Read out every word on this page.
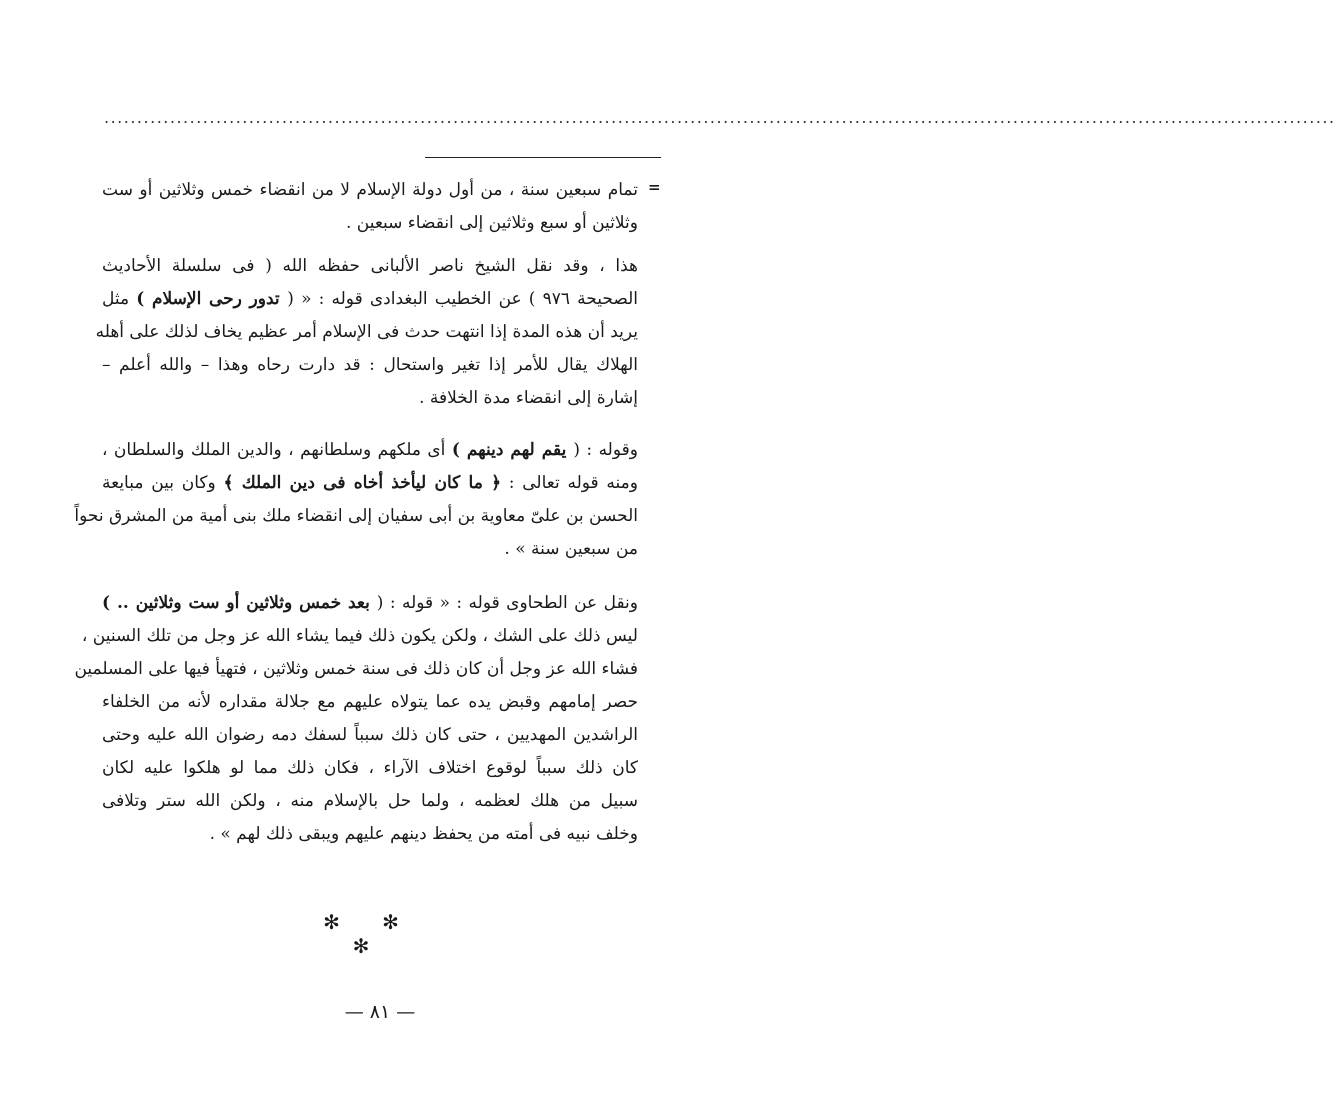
...........................................................................................................................................................................................
=
تمام سبعين سنة ، من أول دولة الإسلام لا من انقضاء خمس وثلاثين أو ست
وثلاثين أو سبع وثلاثين إلى انقضاء سبعين .
هذا ، وقد نقل الشيخ ناصر الألبانى حفظه الله ( فى سلسلة الأحاديث
الصحيحة ٩٧٦ ) عن الخطيب البغدادى قوله : « ( تدور رحى الإسلام ) مثل
يريد أن هذه المدة إذا انتهت حدث فى الإسلام أمر عظيم يخاف لذلك على أهله
الهلاك يقال للأمر إذا تغير واستحال : قد دارت رحاه وهذا – والله أعلم –
إشارة إلى انقضاء مدة الخلافة .
وقوله : ( يقم لهم دينهم ) أى ملكهم وسلطانهم ، والدين الملك والسلطان ،
ومنه قوله تعالى : ﴿ ما كان ليأخذ أخاه فى دين الملك ﴾ وكان بين مبايعة
الحسن بن علىّ معاوية بن أبى سفيان إلى انقضاء ملك بنى أمية من المشرق نحواً
من سبعين سنة » .
ونقل عن الطحاوى قوله : « قوله : ( بعد خمس وثلاثين أو ست وثلاثين .. )
ليس ذلك على الشك ، ولكن يكون ذلك فيما يشاء الله عز وجل من تلك السنين ،
فشاء الله عز وجل أن كان ذلك فى سنة خمس وثلاثين ، فتهيأ فيها على المسلمين
حصر إمامهم وقبض يده عما يتولاه عليهم مع جلالة مقداره لأنه من الخلفاء
الراشدين المهديين ، حتى كان ذلك سبباً لسفك دمه رضوان الله عليه وحتى
كان ذلك سبباً لوقوع اختلاف الآراء ، فكان ذلك مما لو هلكوا عليه لكان
سبيل من هلك لعظمه ، ولما حل بالإسلام منه ، ولكن الله ستر وتلافى
وخلف نبيه فى أمته من يحفظ دينهم عليهم ويبقى ذلك لهم » .
✻ ✻ ✻
— ٨١ —
